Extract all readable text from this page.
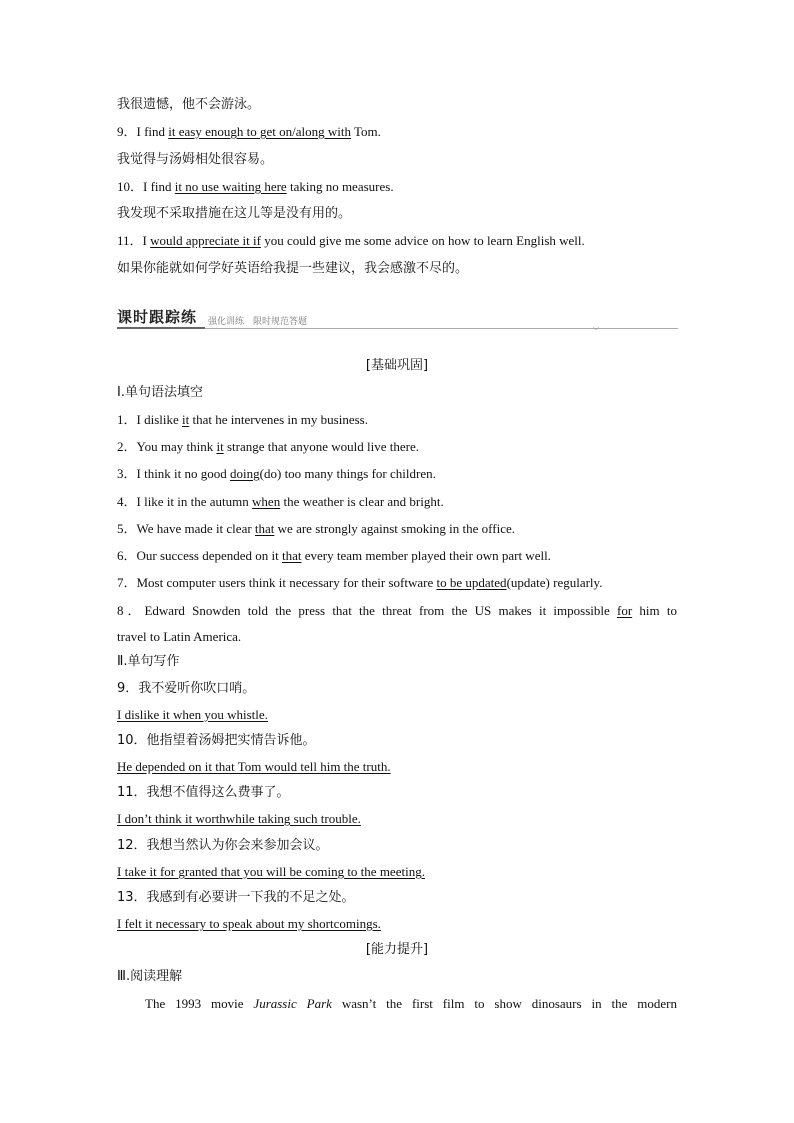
我很遗憾，他不会游泳。
9．I find it easy enough to get on/along with Tom.
我觉得与汤姆相处很容易。
10．I find it no use waiting here taking no measures.
我发现不采取措施在这儿等是没有用的。
11．I would appreciate it if you could give me some advice on how to learn English well.
如果你能就如何学好英语给我提一些建议，我会感激不尽的。
课时跟踪练 强化训练　限时规范答题
⌵
[基础巩固]
Ⅰ.单句语法填空
1．I dislike it that he intervenes in my business.
2．You may think it strange that anyone would live there.
3．I think it no good doing(do) too many things for children.
4．I like it in the autumn when the weather is clear and bright.
5．We have made it clear that we are strongly against smoking in the office.
6．Our success depended on it that every team member played their own part well.
7．Most computer users think it necessary for their software to be updated(update) regularly.
8．Edward Snowden told the press that the threat from the US makes it impossible for him to
travel to Latin America.
Ⅱ.单句写作
9．我不爱听你吹口哨。
I dislike it when you whistle.
10．他指望着汤姆把实情告诉他。
He depended on it that Tom would tell him the truth.
11．我想不值得这么费事了。
I don’t think it worthwhile taking such trouble.
12．我想当然认为你会来参加会议。
I take it for granted that you will be coming to the meeting.
13．我感到有必要讲一下我的不足之处。
I felt it necessary to speak about my shortcomings.
[能力提升]
Ⅲ.阅读理解
The 1993 movie Jurassic Park wasn’t the first film to show dinosaurs in the modern
